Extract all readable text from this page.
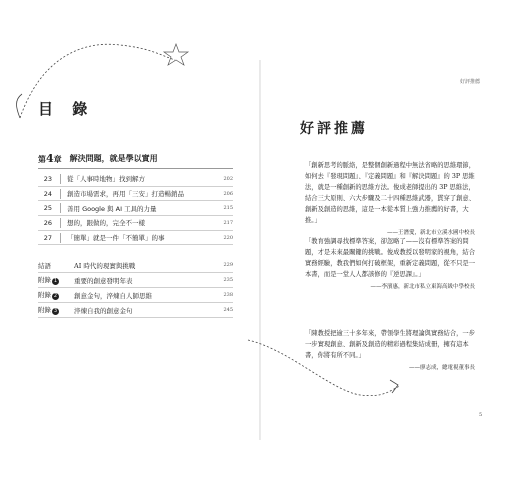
目 錄
第4章 解決問題，就是學以實用
23	從「人事時地物」找到解方	202
24	創造市場需求，再用「三安」打造暢銷品	206
25	善用 Google 與 AI 工具的力量	215
26	想的，跟做的，完全不一樣	217
27	「簡單」就是一件「不簡單」的事	220
結語	AI 時代的現實與挑戰	229
附錄 1	重要的創意發明年表	235
附錄 2	創意金句，淬煉自人師思維	238
附錄 3	淬煉自我的創意金句	245
好評推薦
好評推薦
「創新思考的脈絡，是整個創新過程中無法省略的思維環節，如何去『發現問題』、『定義問題』和『解決問題』的 3P 思維法，就是一種創新的思維方法。俊成老師提出的 3P 思維法，結合三大原則、六大步驟及二十四種思維武器，貫穿了創意、創新及創造的思維，這是一本從本質上強力推薦的好書，大推。」
——王潛愛，新北市立溪水國中校長
「教育強調尋找標準答案，卻忽略了——沒有標準答案的問題，才是未來最關鍵的挑戰。俊成教授以發明家的視角，結合實務經驗，教我們如何打破框架，重新定義問題，從不只是一本書，而是一堂人人都該修的『逆思課』。」
——李濱惠，新北市私立東海高級中學校長
「陳教授把逾三十多年來，帶領學生將理論與實務結合，一步一步實現創意、創新及創造的精彩過程集結成冊，擁有這本書，你將有所不同。」
——廖志成，總電視董事長
5
